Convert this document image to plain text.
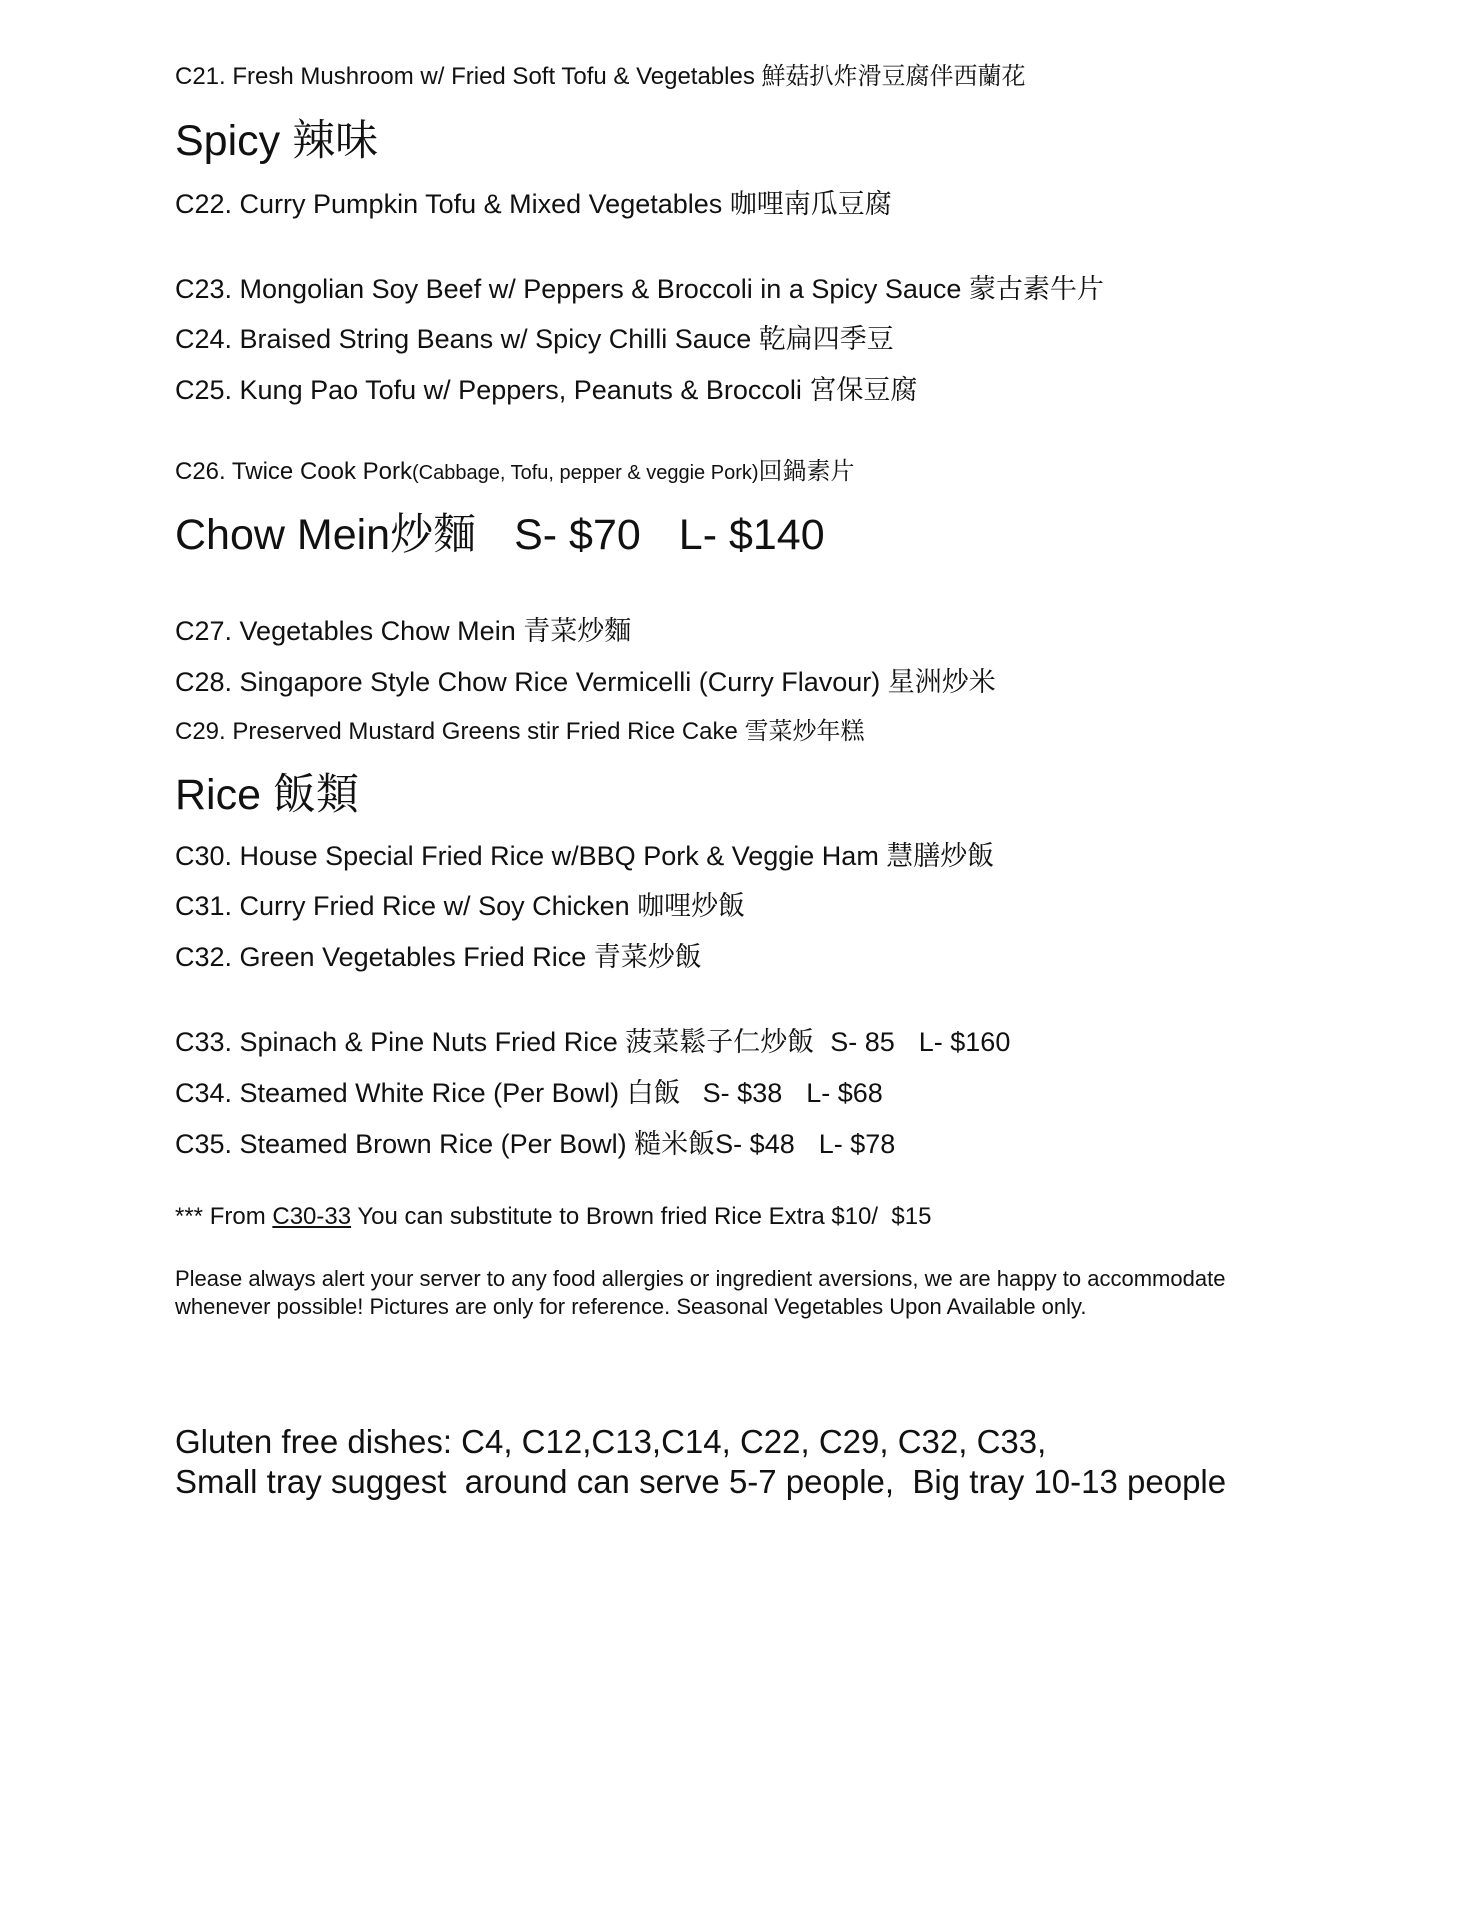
C21. Fresh Mushroom w/ Fried Soft Tofu & Vegetables 鮮菇扒炸滑豆腐伴西蘭花
Spicy 辣味
C22. Curry Pumpkin Tofu & Mixed Vegetables 咖哩南瓜豆腐
C23. Mongolian Soy Beef w/ Peppers & Broccoli in a Spicy Sauce 蒙古素牛片
C24. Braised String Beans w/ Spicy Chilli Sauce 乾扁四季豆
C25. Kung Pao Tofu w/ Peppers, Peanuts & Broccoli 宮保豆腐
C26. Twice Cook Pork(Cabbage, Tofu, pepper & veggie Pork)回鍋素片
Chow Mein炒麵 S- $70 L- $140
C27. Vegetables Chow Mein 青菜炒麵
C28. Singapore Style Chow Rice Vermicelli (Curry Flavour) 星洲炒米
C29. Preserved Mustard Greens stir Fried Rice Cake 雪菜炒年糕
Rice 飯類
C30. House Special Fried Rice w/BBQ Pork & Veggie Ham 慧膳炒飯
C31. Curry Fried Rice w/ Soy Chicken 咖哩炒飯
C32. Green Vegetables Fried Rice 青菜炒飯
C33. Spinach & Pine Nuts Fried Rice 菠菜鬆子仁炒飯 S- 85 L- $160
C34. Steamed White Rice (Per Bowl) 白飯 S- $38 L- $68
C35. Steamed Brown Rice (Per Bowl) 糙米飯S- $48 L- $78
*** From C30-33 You can substitute to Brown fried Rice Extra $10/  $15
Please always alert your server to any food allergies or ingredient aversions, we are happy to accommodate whenever possible! Pictures are only for reference. Seasonal Vegetables Upon Available only.
Gluten free dishes: C4, C12,C13,C14, C22, C29, C32, C33,
Small tray suggest  around can serve 5-7 people,  Big tray 10-13 people
